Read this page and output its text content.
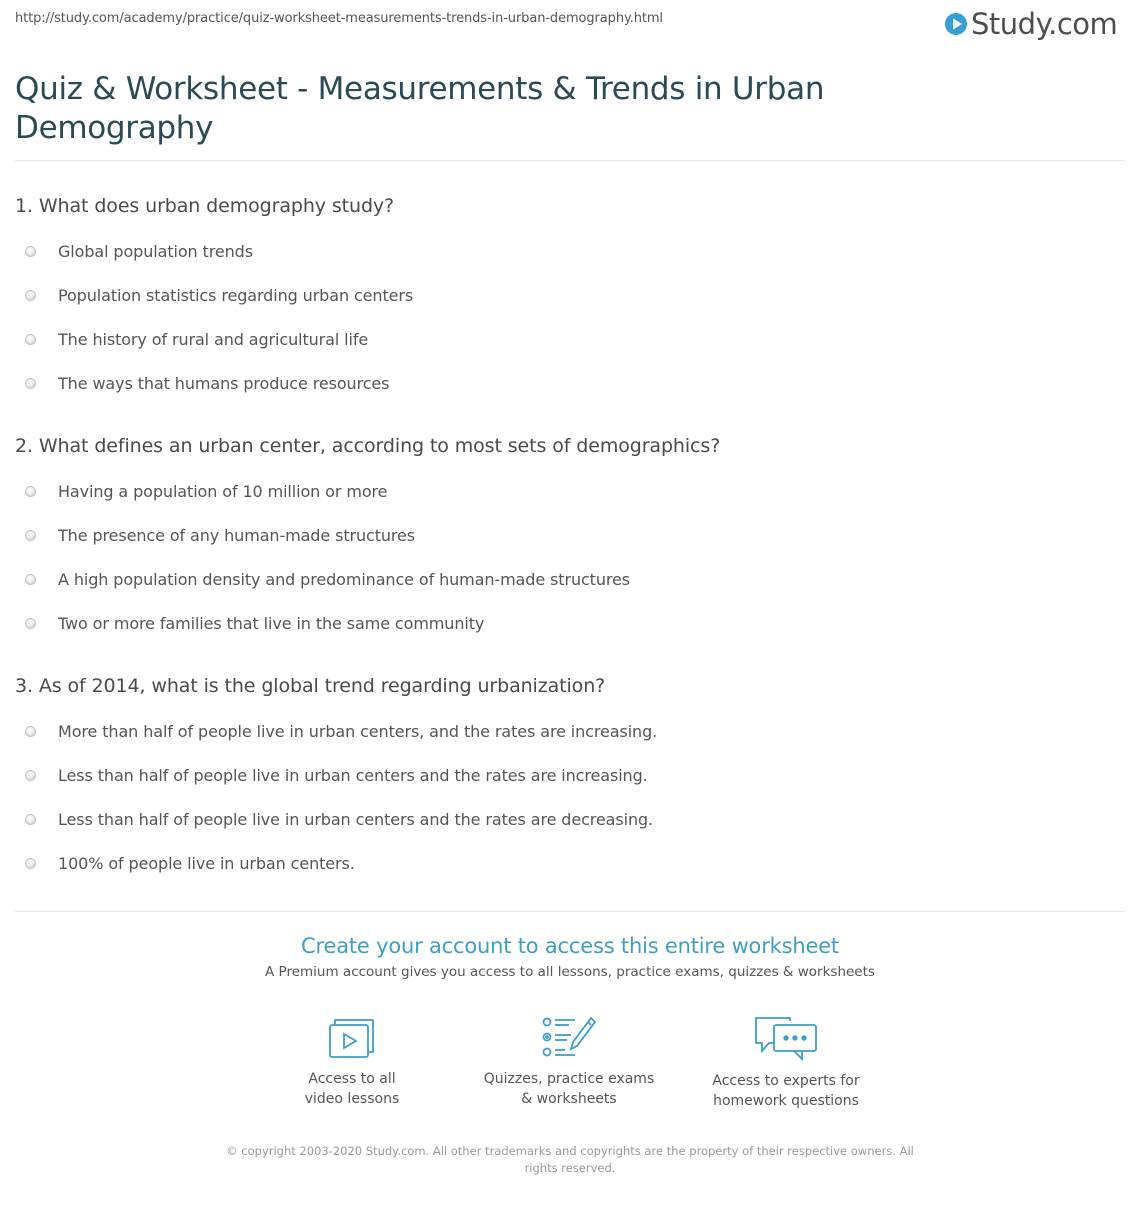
http://study.com/academy/practice/quiz-worksheet-measurements-trends-in-urban-demography.html	Study.com
Quiz & Worksheet - Measurements & Trends in Urban Demography
1. What does urban demography study?
Global population trends
Population statistics regarding urban centers
The history of rural and agricultural life
The ways that humans produce resources
2. What defines an urban center, according to most sets of demographics?
Having a population of 10 million or more
The presence of any human-made structures
A high population density and predominance of human-made structures
Two or more families that live in the same community
3. As of 2014, what is the global trend regarding urbanization?
More than half of people live in urban centers, and the rates are increasing.
Less than half of people live in urban centers and the rates are increasing.
Less than half of people live in urban centers and the rates are decreasing.
100% of people live in urban centers.
Create your account to access this entire worksheet
A Premium account gives you access to all lessons, practice exams, quizzes & worksheets
Access to all
video lessons
Quizzes, practice exams
& worksheets
Access to experts for
homework questions
© copyright 2003-2020 Study.com. All other trademarks and copyrights are the property of their respective owners. All rights reserved.
